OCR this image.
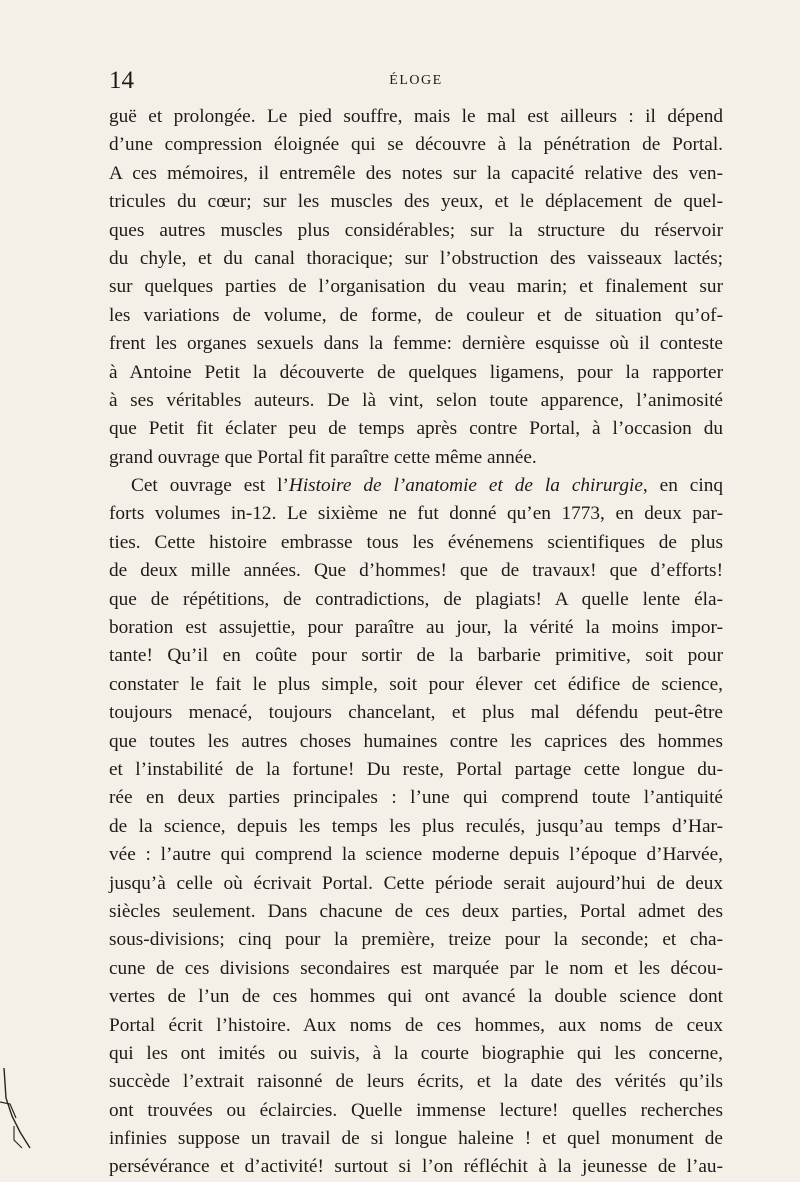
14	ÉLOGE
guë et prolongée. Le pied souffre, mais le mal est ailleurs : il dépend
d’une compression éloignée qui se découvre à la pénétration de Portal.
A ces mémoires, il entremêle des notes sur la capacité relative des ven-
tricules du cœur; sur les muscles des yeux, et le déplacement de quel-
ques autres muscles plus considérables; sur la structure du réservoir
du chyle, et du canal thoracique; sur l’obstruction des vaisseaux lactés;
sur quelques parties de l’organisation du veau marin; et finalement sur
les variations de volume, de forme, de couleur et de situation qu’of-
frent les organes sexuels dans la femme: dernière esquisse où il conteste
à Antoine Petit la découverte de quelques ligamens, pour la rapporter
à ses véritables auteurs. De là vint, selon toute apparence, l’animosité
que Petit fit éclater peu de temps après contre Portal, à l’occasion du
grand ouvrage que Portal fit paraître cette même année.
Cet ouvrage est l’Histoire de l’anatomie et de la chirurgie, en cinq
forts volumes in-12. Le sixième ne fut donné qu’en 1773, en deux par-
ties. Cette histoire embrasse tous les événemens scientifiques de plus
de deux mille années. Que d’hommes! que de travaux! que d’efforts!
que de répétitions, de contradictions, de plagiats! A quelle lente éla-
boration est assujettie, pour paraître au jour, la vérité la moins impor-
tante! Qu’il en coûte pour sortir de la barbarie primitive, soit pour
constater le fait le plus simple, soit pour élever cet édifice de science,
toujours menacé, toujours chancelant, et plus mal défendu peut-être
que toutes les autres choses humaines contre les caprices des hommes
et l’instabilité de la fortune! Du reste, Portal partage cette longue du-
rée en deux parties principales : l’une qui comprend toute l’antiquité
de la science, depuis les temps les plus reculés, jusqu’au temps d’Har-
vée : l’autre qui comprend la science moderne depuis l’époque d’Harvée,
jusqu’à celle où écrivait Portal. Cette période serait aujourd’hui de deux
siècles seulement. Dans chacune de ces deux parties, Portal admet des
sous-divisions; cinq pour la première, treize pour la seconde; et cha-
cune de ces divisions secondaires est marquée par le nom et les décou-
vertes de l’un de ces hommes qui ont avancé la double science dont
Portal écrit l’histoire. Aux noms de ces hommes, aux noms de ceux
qui les ont imités ou suivis, à la courte biographie qui les concerne,
succède l’extrait raisonné de leurs écrits, et la date des vérités qu’ils
ont trouvées ou éclaircies. Quelle immense lecture! quelles recherches
infinies suppose un travail de si longue haleine ! et quel monument de
persévérance et d’activité! surtout si l’on réfléchit à la jeunesse de l’au-
